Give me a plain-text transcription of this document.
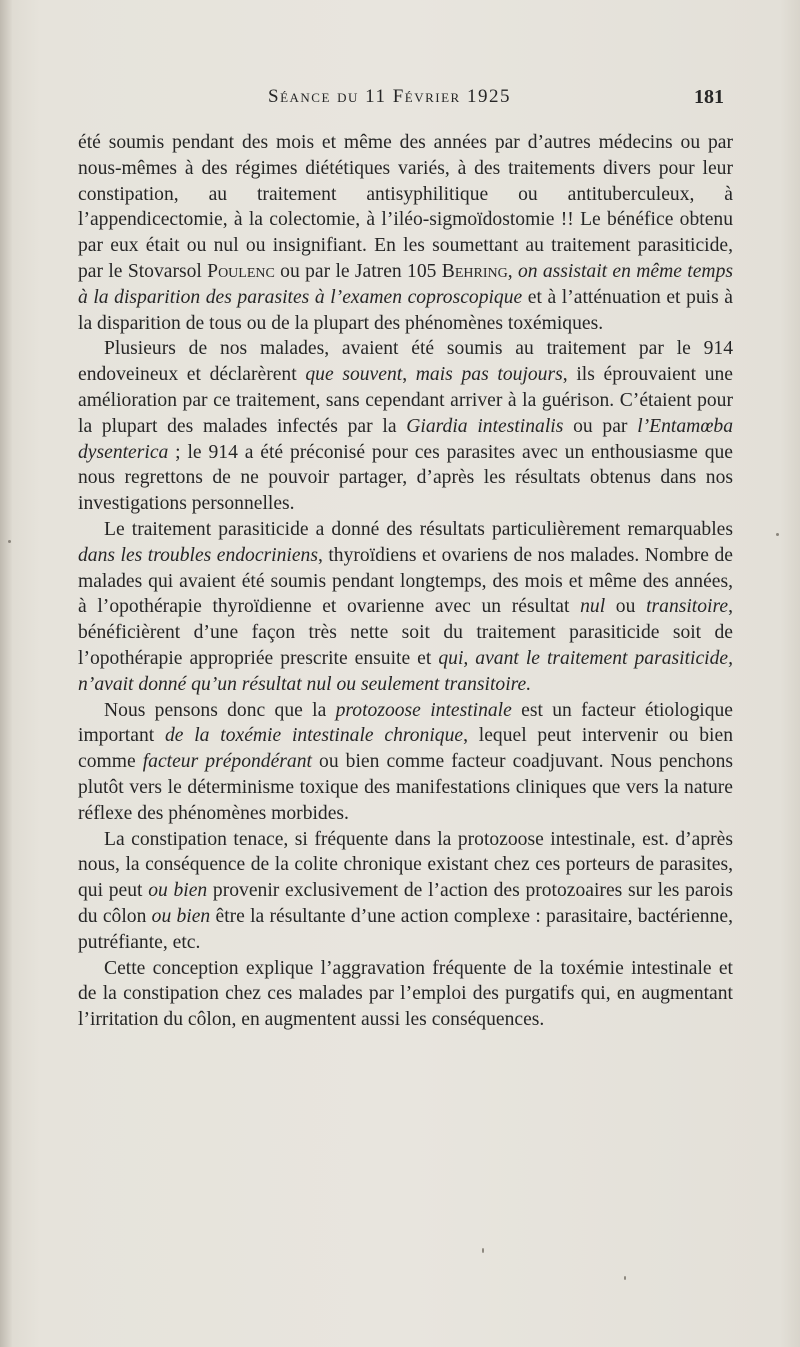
Séance du 11 Février 1925	181

été soumis pendant des mois et même des années par d’autres médecins ou par nous-mêmes à des régimes diététiques variés, à des traitements divers pour leur constipation, au traitement antisyphilitique ou antituberculeux, à l’appendicectomie, à la colectomie, à l’iléo-sigmoïdostomie !! Le bénéfice obtenu par eux était ou nul ou insignifiant. En les soumettant au traitement parasiticide, par le Stovarsol Poulenc ou par le Jatren 105 Behring, on assistait en même temps à la disparition des parasites à l’examen coproscopique et à l’atténuation et puis à la disparition de tous ou de la plupart des phénomènes toxémiques.

Plusieurs de nos malades, avaient été soumis au traitement par le 914 endoveineux et déclarèrent que souvent, mais pas toujours, ils éprouvaient une amélioration par ce traitement, sans cependant arriver à la guérison. C’étaient pour la plupart des malades infectés par la Giardia intestinalis ou par l’Entamœba dysenterica ; le 914 a été préconisé pour ces parasites avec un enthousiasme que nous regrettons de ne pouvoir partager, d’après les résultats obtenus dans nos investigations personnelles.

Le traitement parasiticide a donné des résultats particulièrement remarquables dans les troubles endocriniens, thyroïdiens et ovariens de nos malades. Nombre de malades qui avaient été soumis pendant longtemps, des mois et même des années, à l’opothérapie thyroïdienne et ovarienne avec un résultat nul ou transitoire, bénéficièrent d’une façon très nette soit du traitement parasiticide soit de l’opothérapie appropriée prescrite ensuite et qui, avant le traitement parasiticide, n’avait donné qu’un résultat nul ou seulement transitoire.

Nous pensons donc que la protozoose intestinale est un facteur étiologique important de la toxémie intestinale chronique, lequel peut intervenir ou bien comme facteur prépondérant ou bien comme facteur coadjuvant. Nous penchons plutôt vers le déterminisme toxique des manifestations cliniques que vers la nature réflexe des phénomènes morbides.

La constipation tenace, si fréquente dans la protozoose intestinale, est. d’après nous, la conséquence de la colite chronique existant chez ces porteurs de parasites, qui peut ou bien provenir exclusivement de l’action des protozoaires sur les parois du côlon ou bien être la résultante d’une action complexe : parasitaire, bactérienne, putréfiante, etc.

Cette conception explique l’aggravation fréquente de la toxémie intestinale et de la constipation chez ces malades par l’emploi des purgatifs qui, en augmentant l’irritation du côlon, en augmentent aussi les conséquences.
